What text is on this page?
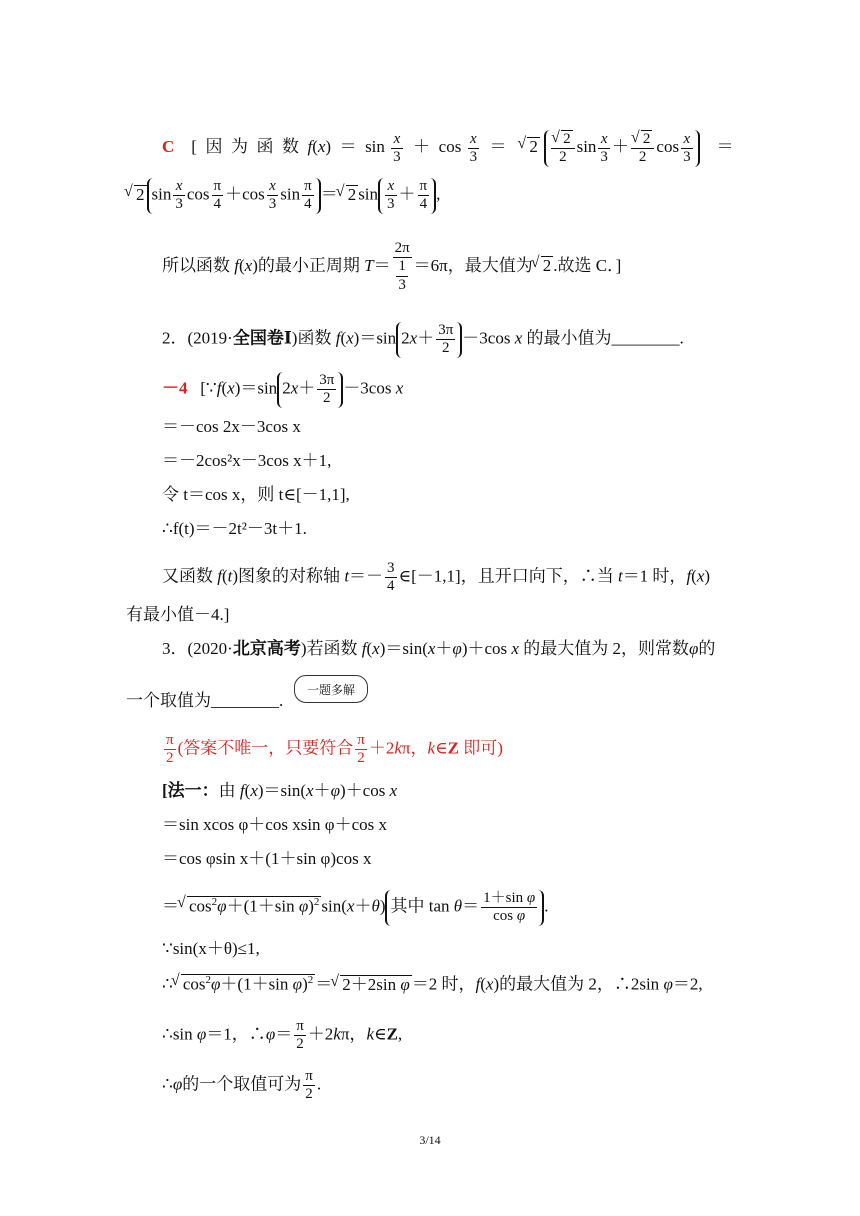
C    [  因  为  函  数  $f(x) = \sin \frac{x}{3} + \cos \frac{x}{3}$ ＝   √ 2 √ $\frac{2}{2}$ $\sin \frac{x}{3}$ ＋ √ $\frac{2}{2}$ $\cos \frac{x}{3}$ ＝
√ 2 $\sin \frac{x}{3}$ $\cos \frac{\pi}{4} +\cos \frac{x}{3}$ $\sin \frac{\pi}{4}$ ＝ √ 2 $\sin \frac{x}{3} + \frac{\pi}{4}$ ,
所以函数 f(x)的最小正周期 $T= \frac{2\pi}{\frac{1}{3}} =6\pi$，最大值为 √ 2 .故选 C．]
2．(2019·全国卷Ⅰ)函数 f(x)＝sin $2x+ \frac{3\pi}{2} -3\cos$ x 的最小值为________.
－4   [∵f(x)＝sin $2x+ \frac{3\pi}{2} -3\cos$ x
＝－cos 2x－3cos x
＝－2cos²x－3cos x＋1,
令 t＝cos x，则 t∈[－1,1],
∴f(t)＝－2t²－3t＋1.
又函数 f(t)图象的对称轴 $t=- \frac{3}{4}$ ∈[－1,1]，且开口向下，∴当 t＝1 时，f(x)
有最小值－4.]
3．(2020·北京高考)若函数 f(x)＝sin(x＋φ)＋cos x 的最大值为 2，则常数φ的
一个取值为________.
一题多解
$\frac{\pi}{2}$ (答案不唯一，只要符合 $\frac{\pi}{2} +2k\pi$，k∈Z 即可)
[法一：由 f(x)＝sin(x＋φ)＋cos x
＝sin xcos φ＋cos xsin φ＋cos x
＝cos φsin x＋(1＋sin φ)cos x
＝ √ $\cos^2\varphi+(1+\sin$ φ)$^2$ sin(x＋θ) 其中 $\tan \theta= \frac{\text{1＋sin φ}}{\text{cos φ}}$ .
∵sin(x＋θ)≤1,
∴ √ $\cos^2\varphi+(1+\sin$ φ)$^2$ ＝ √ 2＋2sin φ ＝2 时，f(x)的最大值为 2，∴2sin φ＝2,
∴sin φ＝1，∴φ＝ $\frac{\pi}{2} +2k\pi$，k∈Z,
∴φ的一个取值可为 $\frac{\pi}{2}$ .
3/14
